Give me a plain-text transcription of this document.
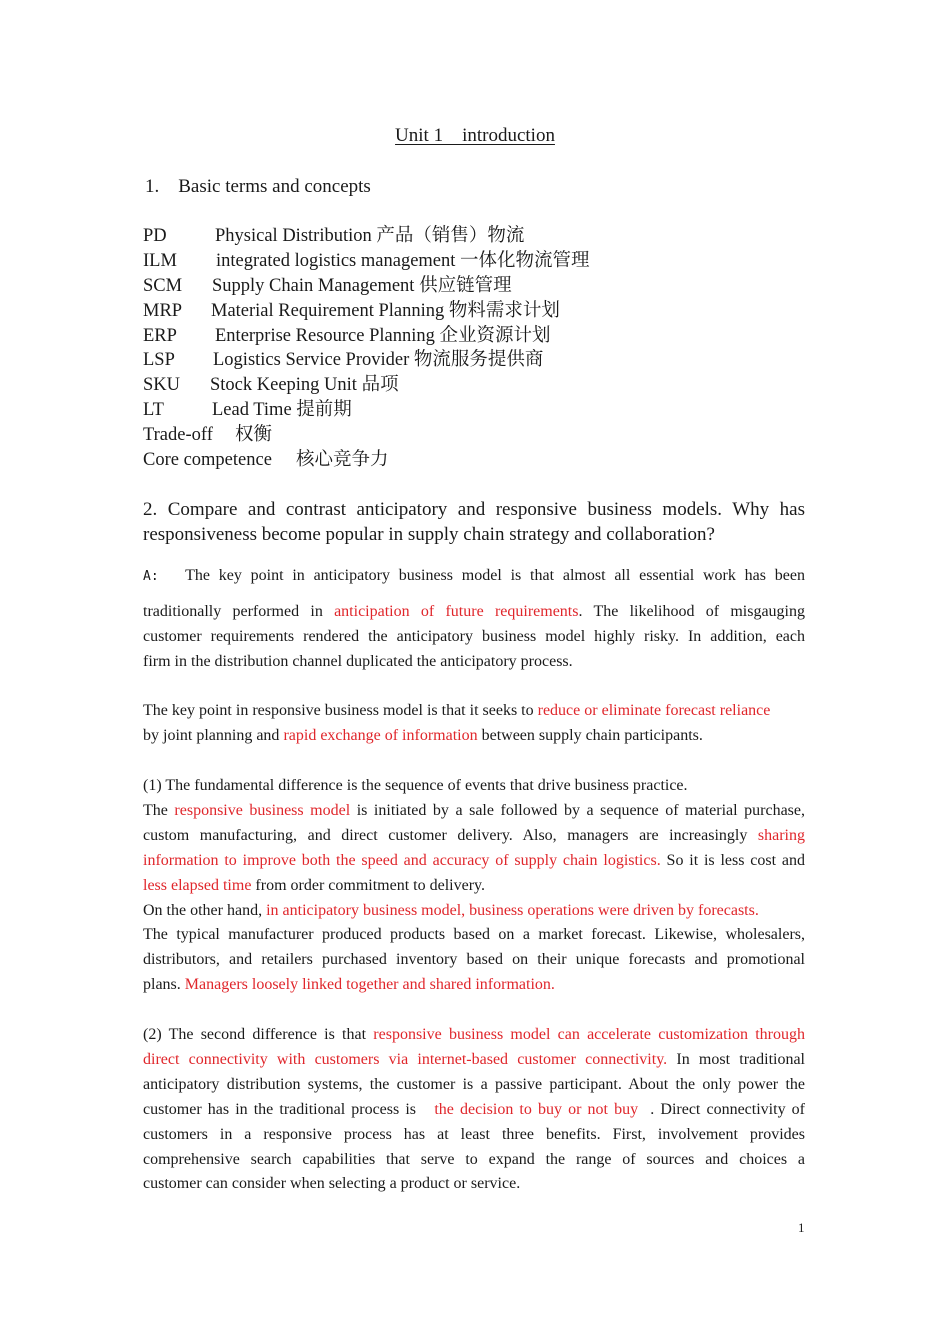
Unit 1    introduction
1.    Basic terms and concepts
PD	Physical Distribution 产品（销售）物流
ILM integrated logistics management 一体化物流管理
SCM Supply Chain Management 供应链管理
MRP Material Requirement Planning 物料需求计划
ERP Enterprise Resource Planning 企业资源计划
LSP Logistics Service Provider 物流服务提供商
SKU Stock Keeping Unit 品项
LT	Lead Time 提前期
Trade-off 权衡
Core competence 核心竞争力
2. Compare and contrast anticipatory and responsive business models. Why has
responsiveness become popular in supply chain strategy and collaboration?
A: The key point in anticipatory business model is that almost all essential work has been
traditionally performed in anticipation of future requirements. The likelihood of misgauging
customer requirements rendered the anticipatory business model highly risky. In addition, each
firm in the distribution channel duplicated the anticipatory process.
The key point in responsive business model is that it seeks to reduce or eliminate forecast reliance
by joint planning and rapid exchange of information between supply chain participants.
(1) The fundamental difference is the sequence of events that drive business practice.
The responsive business model is initiated by a sale followed by a sequence of material purchase,
custom manufacturing, and direct customer delivery. Also, managers are increasingly sharing
information to improve both the speed and accuracy of supply chain logistics. So it is less cost and
less elapsed time from order commitment to delivery.
On the other hand, in anticipatory business model, business operations were driven by forecasts.
The typical manufacturer produced products based on a market forecast. Likewise, wholesalers,
distributors, and retailers purchased inventory based on their unique forecasts and promotional
plans. Managers loosely linked together and shared information.
(2) The second difference is that responsive business model can accelerate customization through
direct connectivity with customers via internet-based customer connectivity. In most traditional
anticipatory distribution systems, the customer is a passive participant. About the only power the
customer has in the traditional process is   the decision to buy or not buy  . Direct connectivity of
customers in a responsive process has at least three benefits. First, involvement provides
comprehensive search capabilities that serve to expand the range of sources and choices a
customer can consider when selecting a product or service.
1
